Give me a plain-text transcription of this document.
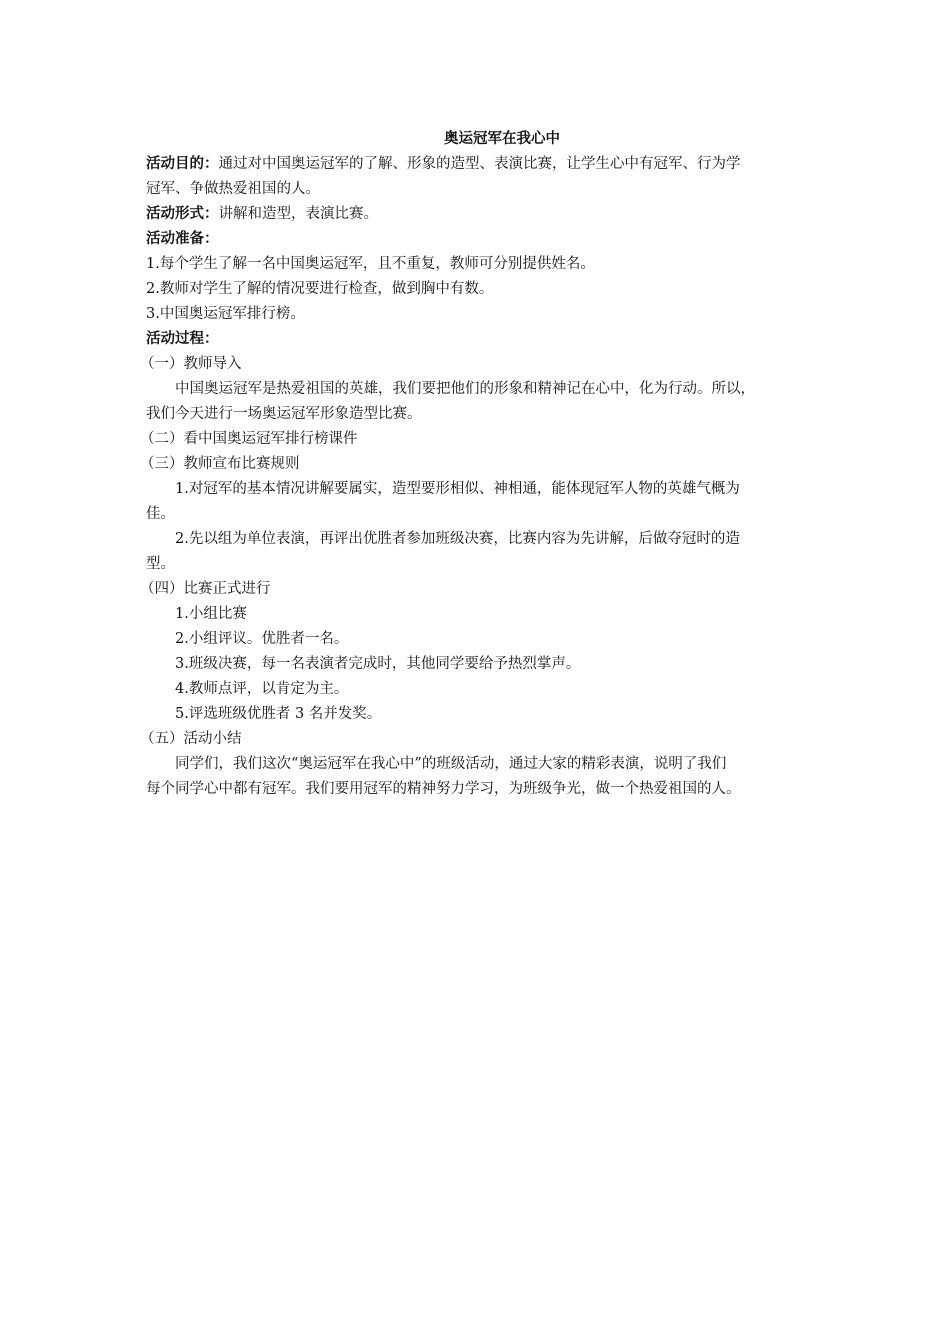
奥运冠军在我心中
活动目的：通过对中国奥运冠军的了解、形象的造型、表演比赛，让学生心中有冠军、行为学
冠军、争做热爱祖国的人。
活动形式：讲解和造型，表演比赛。
活动准备：
1.每个学生了解一名中国奥运冠军，且不重复，教师可分别提供姓名。
2.教师对学生了解的情况要进行检查，做到胸中有数。
3.中国奥运冠军排行榜。
活动过程：
（一）教师导入
中国奥运冠军是热爱祖国的英雄，我们要把他们的形象和精神记在心中，化为行动。所以，
我们今天进行一场奥运冠军形象造型比赛。
（二）看中国奥运冠军排行榜课件
（三）教师宣布比赛规则
1.对冠军的基本情况讲解要属实，造型要形相似、神相通，能体现冠军人物的英雄气概为
佳。
2.先以组为单位表演，再评出优胜者参加班级决赛，比赛内容为先讲解，后做夺冠时的造
型。
（四）比赛正式进行
1.小组比赛
2.小组评议。优胜者一名。
3.班级决赛，每一名表演者完成时，其他同学要给予热烈掌声。
4.教师点评，以肯定为主。
5.评选班级优胜者 3 名并发奖。
（五）活动小结
同学们，我们这次“奥运冠军在我心中”的班级活动，通过大家的精彩表演，说明了我们
每个同学心中都有冠军。我们要用冠军的精神努力学习，为班级争光，做一个热爱祖国的人。
